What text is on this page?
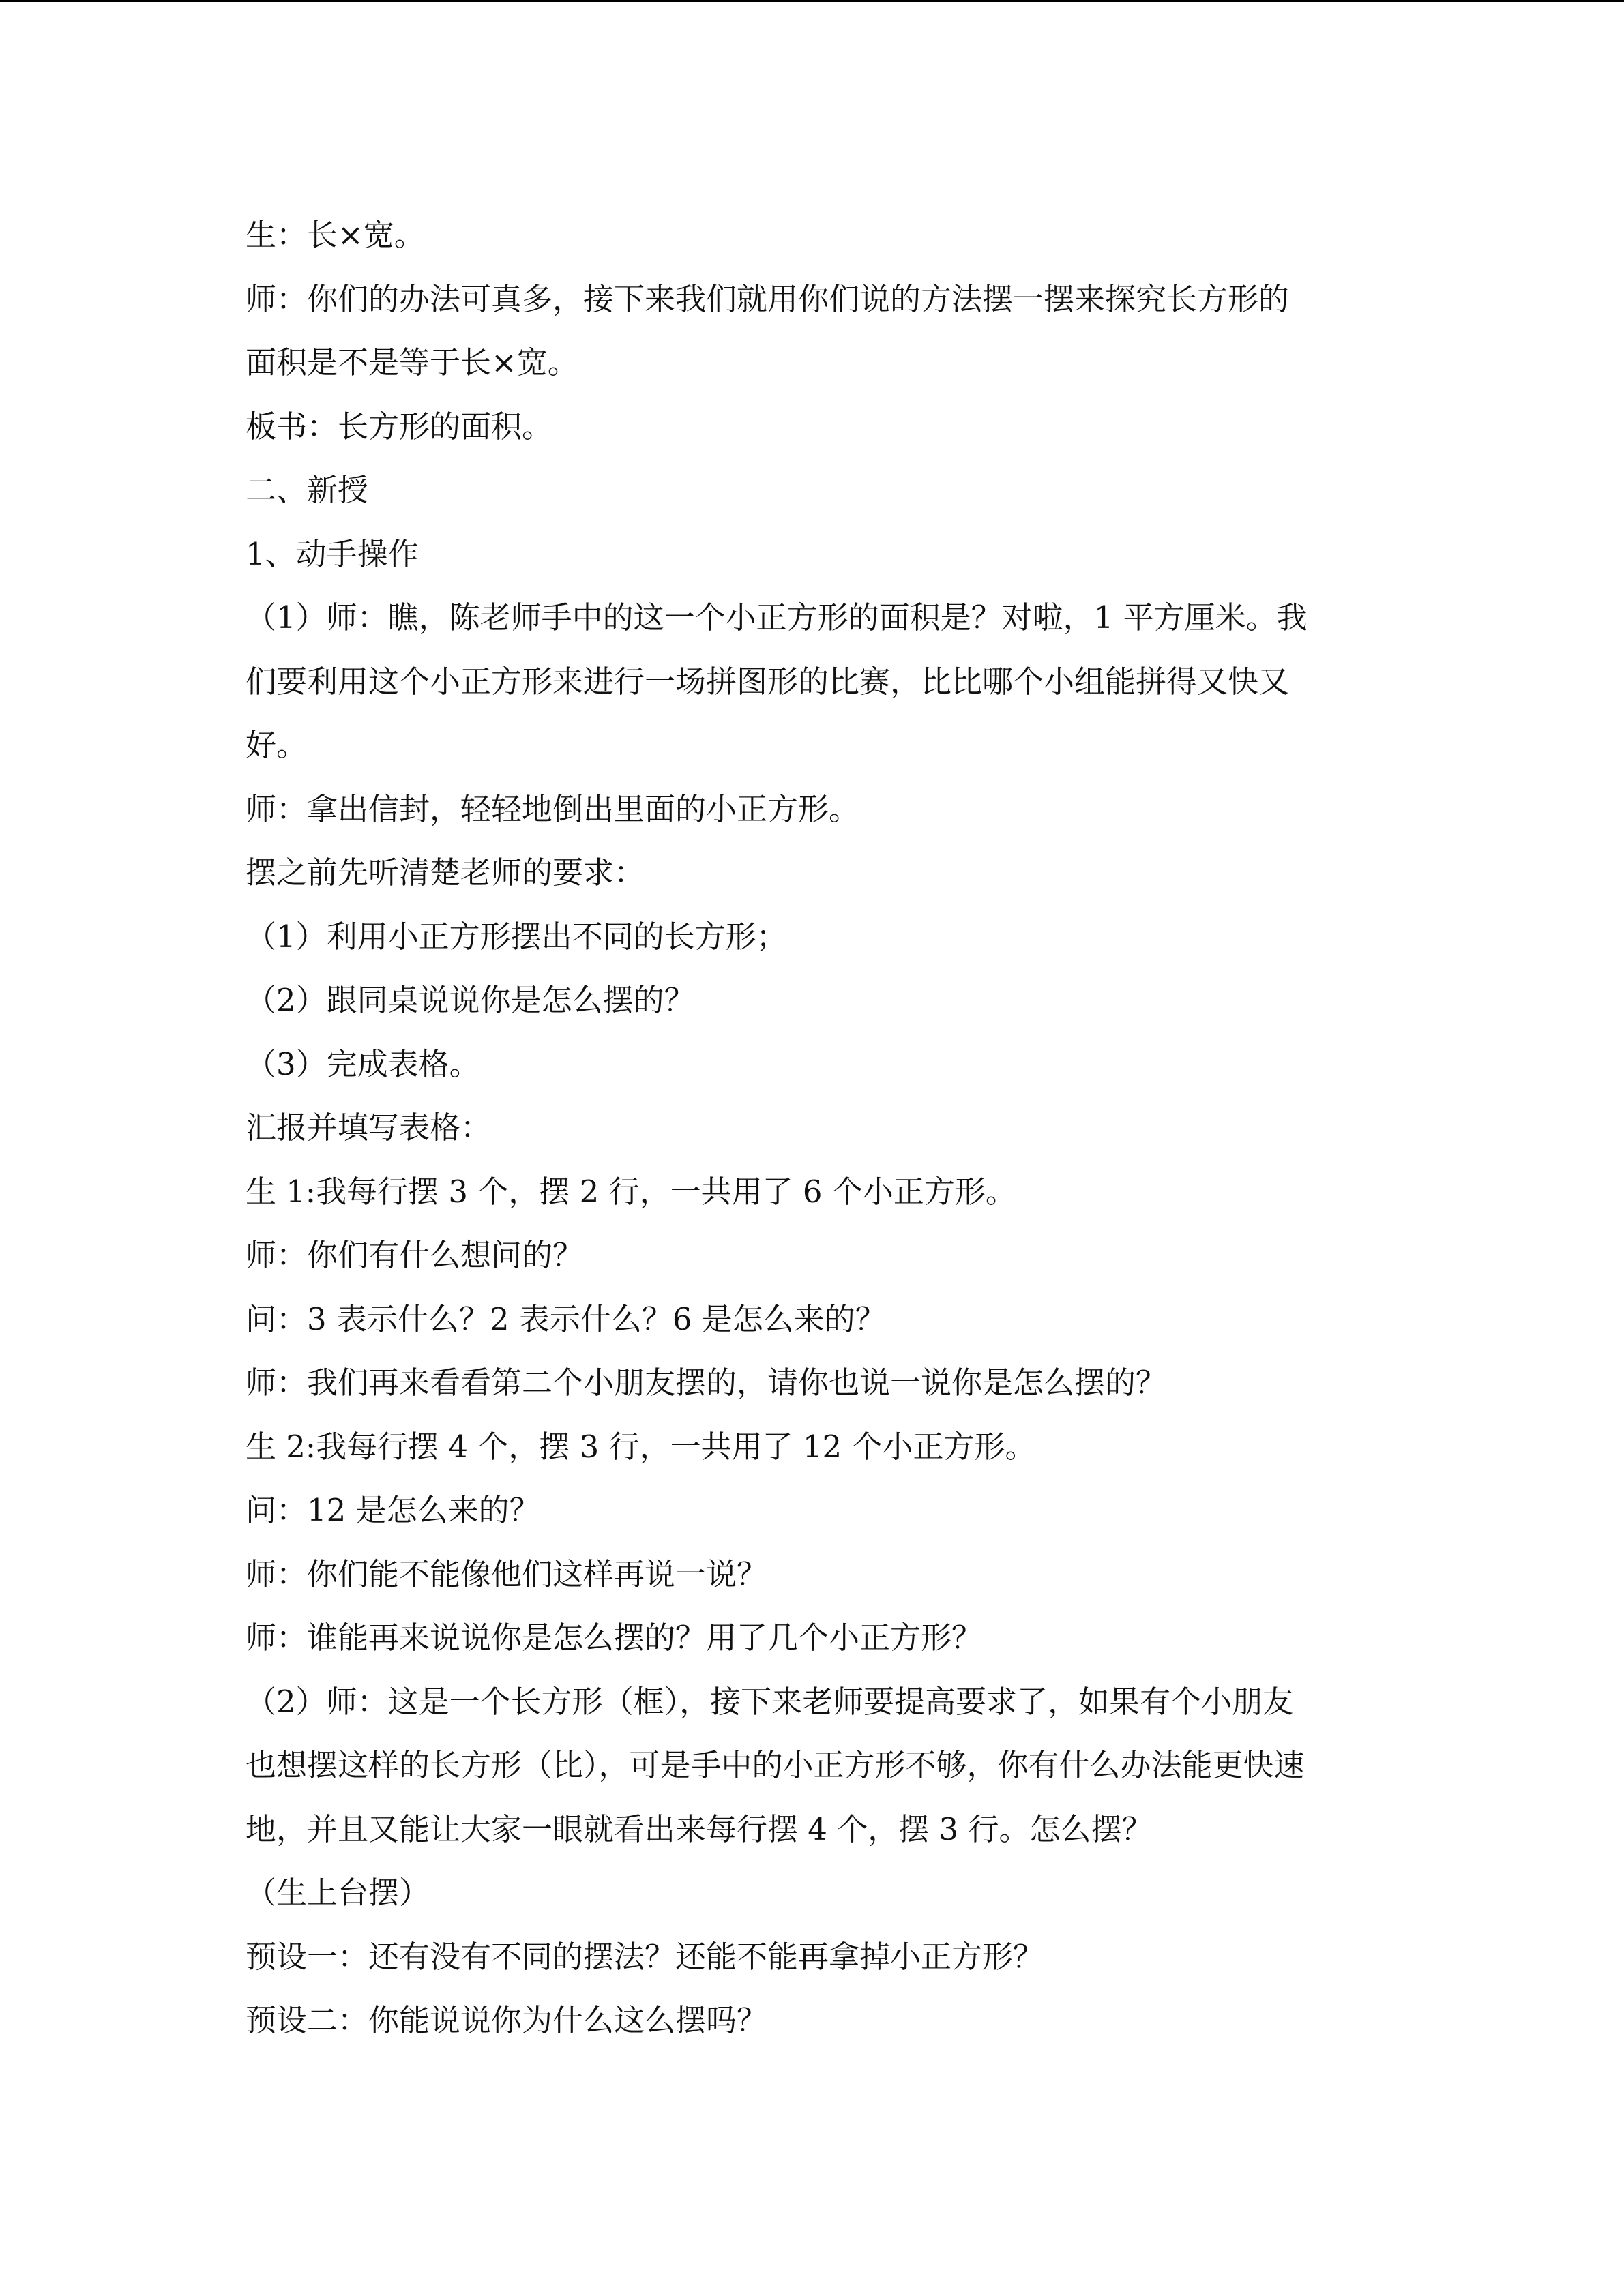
生：长×宽。

师：你们的办法可真多，接下来我们就用你们说的方法摆一摆来探究长方形的

面积是不是等于长×宽。

板书：长方形的面积。

二、新授

1、动手操作

（1）师：瞧，陈老师手中的这一个小正方形的面积是？对啦，1 平方厘米。我

们要利用这个小正方形来进行一场拼图形的比赛，比比哪个小组能拼得又快又

好。

师：拿出信封，轻轻地倒出里面的小正方形。

摆之前先听清楚老师的要求：

（1）利用小正方形摆出不同的长方形；

（2）跟同桌说说你是怎么摆的？

（3）完成表格。

汇报并填写表格：

生 1:我每行摆 3 个，摆 2 行，一共用了 6 个小正方形。

师：你们有什么想问的？

问：3 表示什么？2 表示什么？6 是怎么来的？

师：我们再来看看第二个小朋友摆的，请你也说一说你是怎么摆的？

生 2:我每行摆 4 个，摆 3 行，一共用了 12 个小正方形。

问：12 是怎么来的？

师：你们能不能像他们这样再说一说？

师：谁能再来说说你是怎么摆的？用了几个小正方形？

（2）师：这是一个长方形（框），接下来老师要提高要求了，如果有个小朋友

也想摆这样的长方形（比），可是手中的小正方形不够，你有什么办法能更快速

地，并且又能让大家一眼就看出来每行摆 4 个，摆 3 行。怎么摆？

（生上台摆）

预设一：还有没有不同的摆法？还能不能再拿掉小正方形？

预设二：你能说说你为什么这么摆吗？
